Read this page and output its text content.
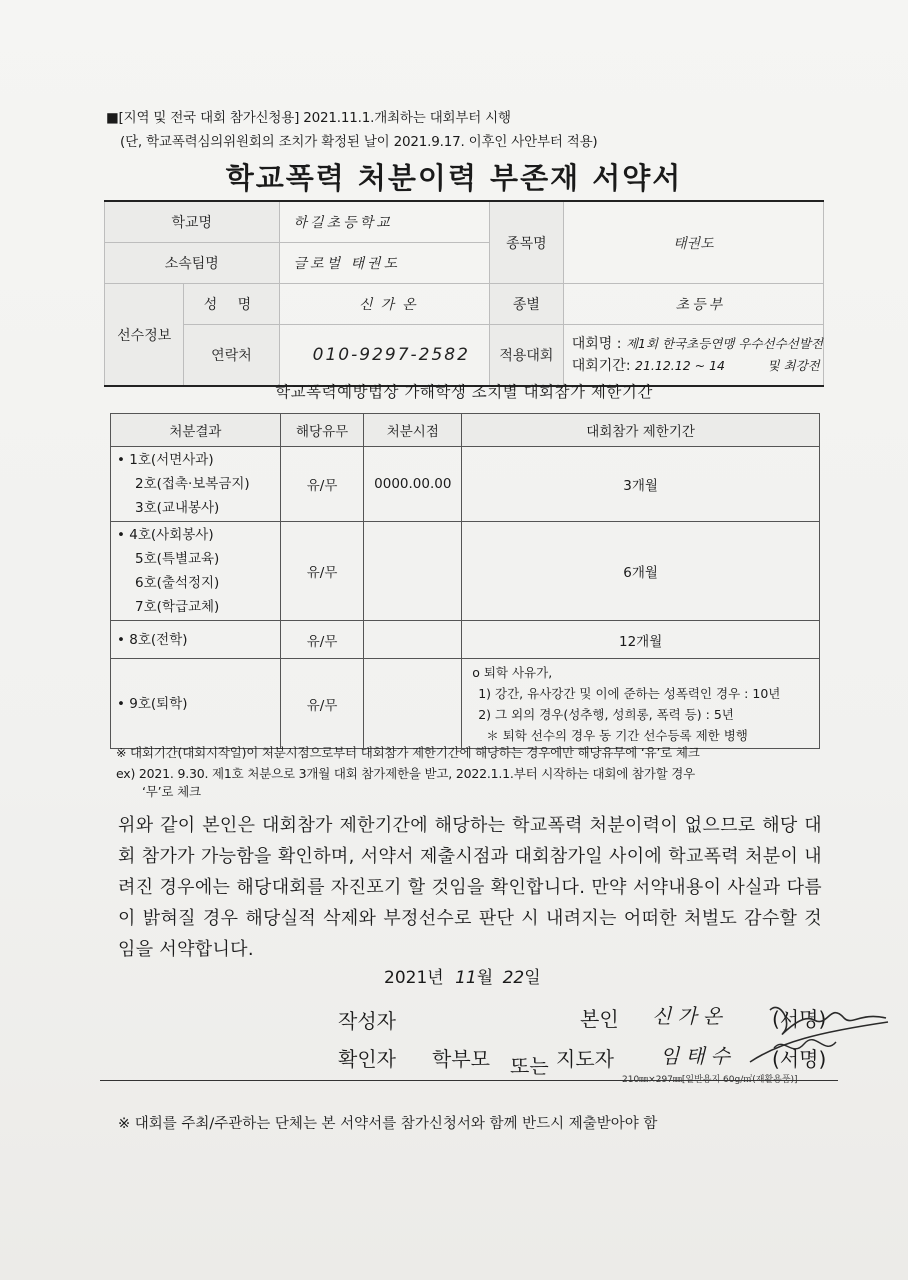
■[지역 및 전국 대회 참가신청용] 2021.11.1.개최하는 대회부터 시행
(단, 학교폭력심의위원회의 조치가 확정된 날이 2021.9.17. 이후인 사안부터 적용)
학교폭력 처분이력 부존재 서약서
학교명		하길초등학교	종목명	태권도
소속팀명		글로벌 태권도		
선수정보	성 명	신가온	종별	초등부
	연락처	010-9297-2582	적용대회	대회명 : 제1회 한국초등연맹 우수선수선발전
대회기간: 21.12.12 ~ 14 및 최강전
학교폭력예방법상 가해학생 조치별 대회참가 제한기간
처분결과	해당유무	처분시점	대회참가 제한기간

• 1호(서면사과)
2호(접촉·보복금지)
3호(교내봉사)	유/무	0000.00.00	3개월

• 4호(사회봉사)
5호(특별교육)
6호(출석정지)
7호(학급교체)	유/무		6개월

• 8호(전학)	유/무		12개월

• 9호(퇴학)	유/무		o 퇴학 사유가,
1) 강간, 유사강간 및 이에 준하는 성폭력인 경우 : 10년
2) 그 외의 경우(성추행, 성희롱, 폭력 등) : 5년
＊ 퇴학 선수의 경우 동 기간 선수등록 제한 병행
※ 대회기간(대회시작일)이 처분시점으로부터 대회참가 제한기간에 해당하는 경우에만 해당유무에 ‘유’로 체크
ex) 2021. 9.30. 제1호 처분으로 3개월 대회 참가제한을 받고, 2022.1.1.부터 시작하는 대회에 참가할 경우
‘무’로 체크
위와 같이 본인은 대회참가 제한기간에 해당하는 학교폭력 처분이력이 없으므로 해당 대회 참가가 가능함을 확인하며, 서약서 제출시점과 대회참가일 사이에 학교폭력 처분이 내려진 경우에는 해당대회를 자진포기 할 것임을 확인합니다. 만약 서약내용이 사실과 다름이 밝혀질 경우 해당실적 삭제와 부정선수로 판단 시 내려지는 어떠한 처벌도 감수할 것임을 서약합니다.
2021년 11월 22일
작성자	본인 신가온 (서명)
확인자 학부모 또는 지도자 임태수 (서명)
210㎜×297㎜[일반용지 60g/㎡(재활용품)]
※ 대회를 주최/주관하는 단체는 본 서약서를 참가신청서와 함께 반드시 제출받아야 함
